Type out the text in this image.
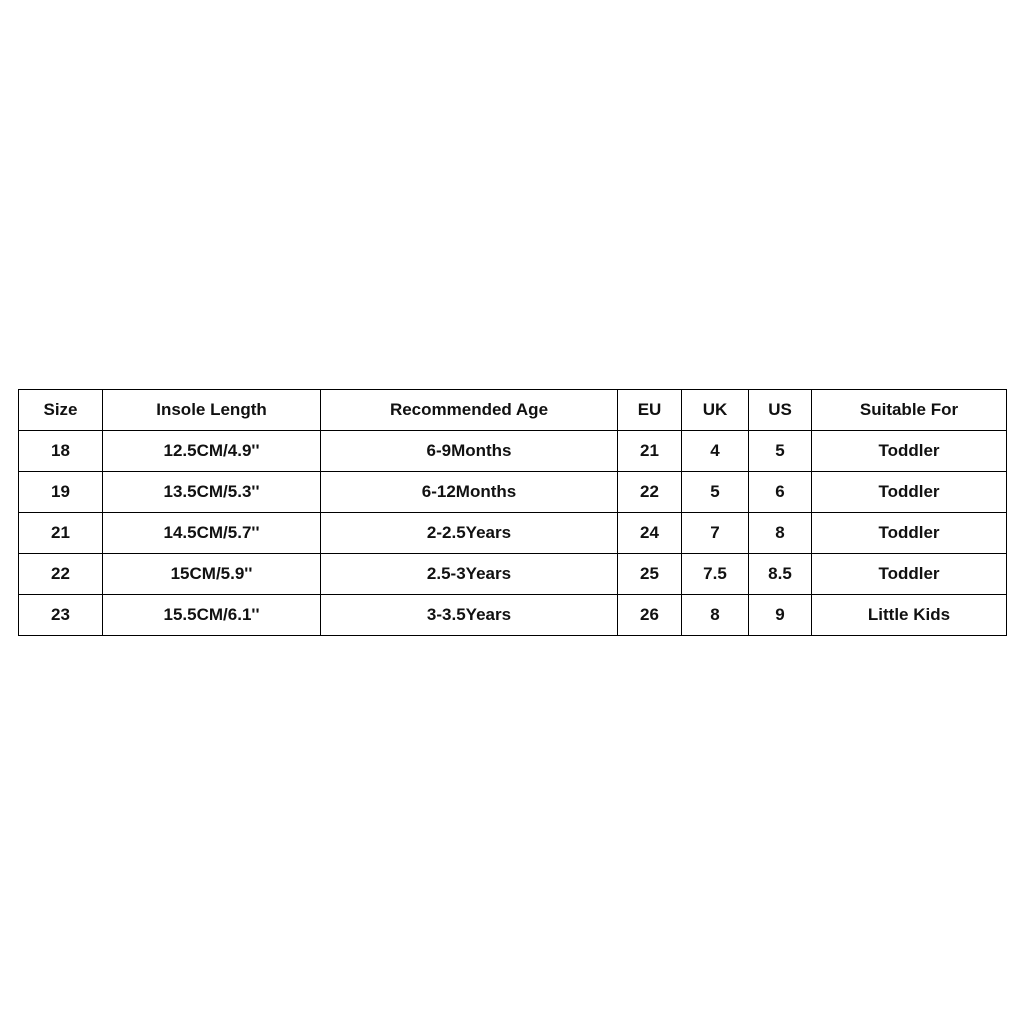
Size	Insole Length	Recommended Age	EU	UK	US	Suitable For
18	12.5CM/4.9''	6-9Months	21	4	5	Toddler
19	13.5CM/5.3''	6-12Months	22	5	6	Toddler
21	14.5CM/5.7''	2-2.5Years	24	7	8	Toddler
22	15CM/5.9''	2.5-3Years	25	7.5	8.5	Toddler
23	15.5CM/6.1''	3-3.5Years	26	8	9	Little Kids
